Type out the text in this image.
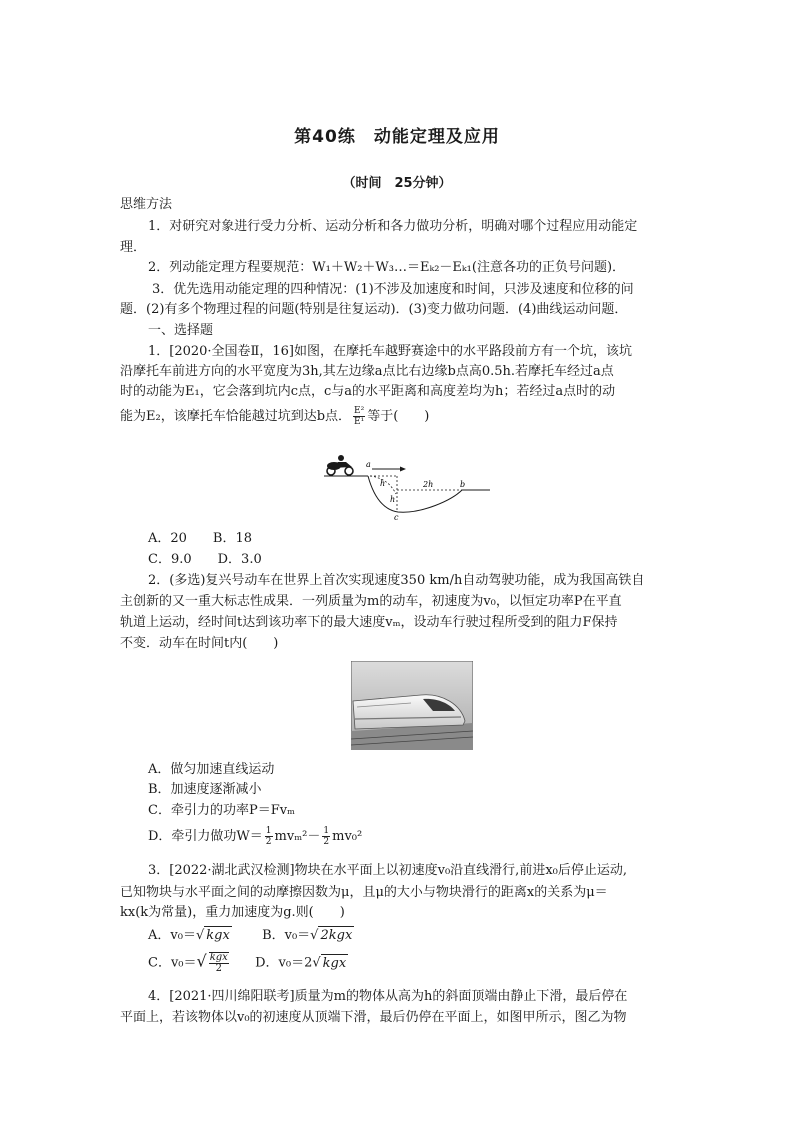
第40练　动能定理及应用
（时间　25分钟）
思维方法
1．对研究对象进行受力分析、运动分析和各力做功分析，明确对哪个过程应用动能定
理．
2．列动能定理方程要规范：W₁＋W₂＋W₃…＝Eₖ₂－Eₖ₁(注意各功的正负号问题)．
3．优先选用动能定理的四种情况：(1)不涉及加速度和时间，只涉及速度和位移的问
题．(2)有多个物理过程的问题(特别是往复运动)．(3)变力做功问题．(4)曲线运动问题．
一、选择题
1．[2020·全国卷Ⅱ，16]如图，在摩托车越野赛途中的水平路段前方有一个坑，该坑
沿摩托车前进方向的水平宽度为3h,其左边缘a点比右边缘b点高0.5h.若摩托车经过a点
时的动能为E₁，它会落到坑内c点，c与a的水平距离和高度差均为h；若经过a点时的动
能为E₂，该摩托车恰能越过坑到达b点． $\frac{\text{E²}}{\text{E¹}}$ 等于(　　)
a
b
c
h
h
2h
A．20　　B．18
C．9.0　　D．3.0
2．(多选)复兴号动车在世界上首次实现速度350 km/h自动驾驶功能，成为我国高铁自
主创新的又一重大标志性成果．一列质量为m的动车，初速度为v₀，以恒定功率P在平直
轨道上运动，经时间t达到该功率下的最大速度vₘ，设动车行驶过程所受到的阻力F保持
不变．动车在时间t内(　　)
A．做匀加速直线运动
B．加速度逐渐减小
C．牵引力的功率P＝Fvₘ
D．牵引力做功$W= \frac{1}{2} mv_m^2- \frac{1}{2} mv_0^2$
3．[2022·湖北武汉检测]物块在水平面上以初速度v₀沿直线滑行,前进x₀后停止运动,
已知物块与水平面之间的动摩擦因数为μ，且μ的大小与物块滑行的距离x的关系为μ＝
kx(k为常量)，重力加速度为g.则(　　)
A．v₀＝√ kgx B．v₀＝√ 2kgx
C．$v_0=√ \frac{\text{kgx}}{2}$ D．v₀＝2√ kgx
4．[2021·四川绵阳联考]质量为m的物体从高为h的斜面顶端由静止下滑，最后停在
平面上，若该物体以v₀的初速度从顶端下滑，最后仍停在平面上，如图甲所示，图乙为物
